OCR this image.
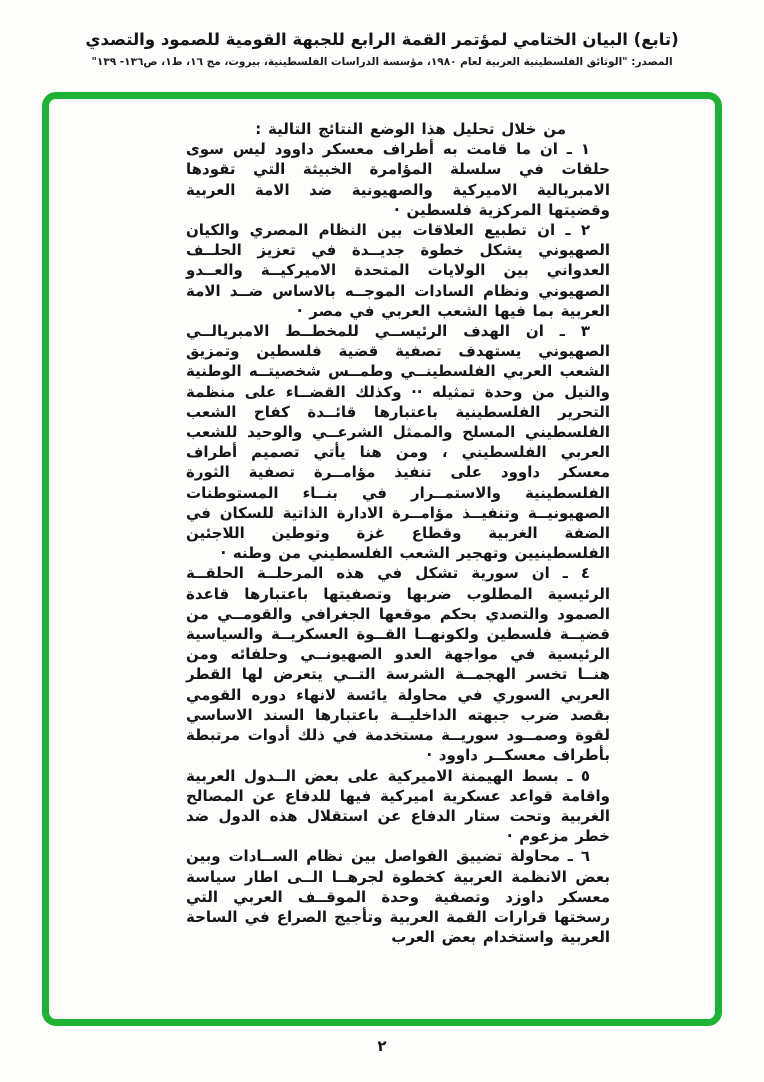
(تابع) البيان الختامي لمؤتمر القمة الرابع للجبهة القومية للصمود والتصدي
المصدر: "الوثائق الفلسطينية العربية لعام ١٩٨٠، مؤسسة الدراسات الفلسطينية، بيروت، مج ١٦، ط١، ص١٣٦- ١٣٩"

من خلال تحليل هذا الوضع النتائج التالية :

١ ـ ان ما قامت به أطراف معسكر داوود ليس سوى حلقات في سلسلة المؤامرة الخبيثة التي تقودها الامبريالية الاميركية والصهيونية ضد الامة العربية وقضيتها المركزية فلسطين ·

٢ ـ ان تطبيع العلاقات بين النظام المصري والكيان الصهيوني يشكل خطوة جديــدة في تعزيز الحلــف العدواني بين الولايات المتحدة الاميركيــة والعــدو الصهيوني ونظام السادات الموجــه بالاساس ضــد الامة العربية بما فيها الشعب العربي في مصر ·

٣ ـ ان الهدف الرئيســي للمخطــط الامبريالــي الصهيوني يستهدف تصفية قضية فلسطين وتمزيق الشعب العربي الفلسطينــي وطمــس شخصيتــه الوطنية والنيل من وحدة تمثيله ·· وكذلك القضــاء على منظمة التحرير الفلسطينية باعتبارها قائــدة كفاح الشعب الفلسطيني المسلح والممثل الشرعــي والوحيد للشعب العربي الفلسطيني ، ومن هنا يأتي تصميم أطراف معسكر داوود على تنفيذ مؤامــرة تصفية الثورة الفلسطينية والاستمــرار في بنــاء المستوطنات الصهيونيــة وتنفيــذ مؤامــرة الادارة الذاتية للسكان في الضفة الغربية وقطاع غزة وتوطين اللاجئين الفلسطينيين وتهجير الشعب الفلسطيني من وطنه ·

٤ ـ ان سورية تشكل في هذه المرحلــة الحلقــة الرئيسية المطلوب ضربها وتصفيتها باعتبارها قاعدة الصمود والتصدي بحكم موقعها الجغرافي والقومــي من قضيــة فلسطين ولكونهــا القــوة العسكريــة والسياسية الرئيسية في مواجهة العدو الصهيونــي وحلفائه ومن هنــا تخسر الهجمــة الشرسة التــي يتعرض لها القطر العربي السوري في محاولة يائسة لانهاء دوره القومي بقصد ضرب جبهته الداخليــة باعتبارها السند الاساسي لقوة وصمــود سوريــة مستخدمة في ذلك أدوات مرتبطة بأطراف معسكــر داوود ·

٥ ـ بسط الهيمنة الاميركية على بعض الــدول العربية واقامة قواعد عسكرية اميركية فيها للدفاع عن المصالح الغربية وتحت ستار الدفاع عن استقلال هذه الدول ضد خطر مزعوم ·

٦ ـ محاولة تضييق الفواصل بين نظام الســادات وبين بعض الانظمة العربية كخطوة لجرهــا الــى اطار سياسة معسكر داوزد وتصفية وحدة الموقــف العربي التي رسختها قرارات القمة العربية وتأجيج الصراع في الساحة العربية واستخدام بعض العرب

٢
